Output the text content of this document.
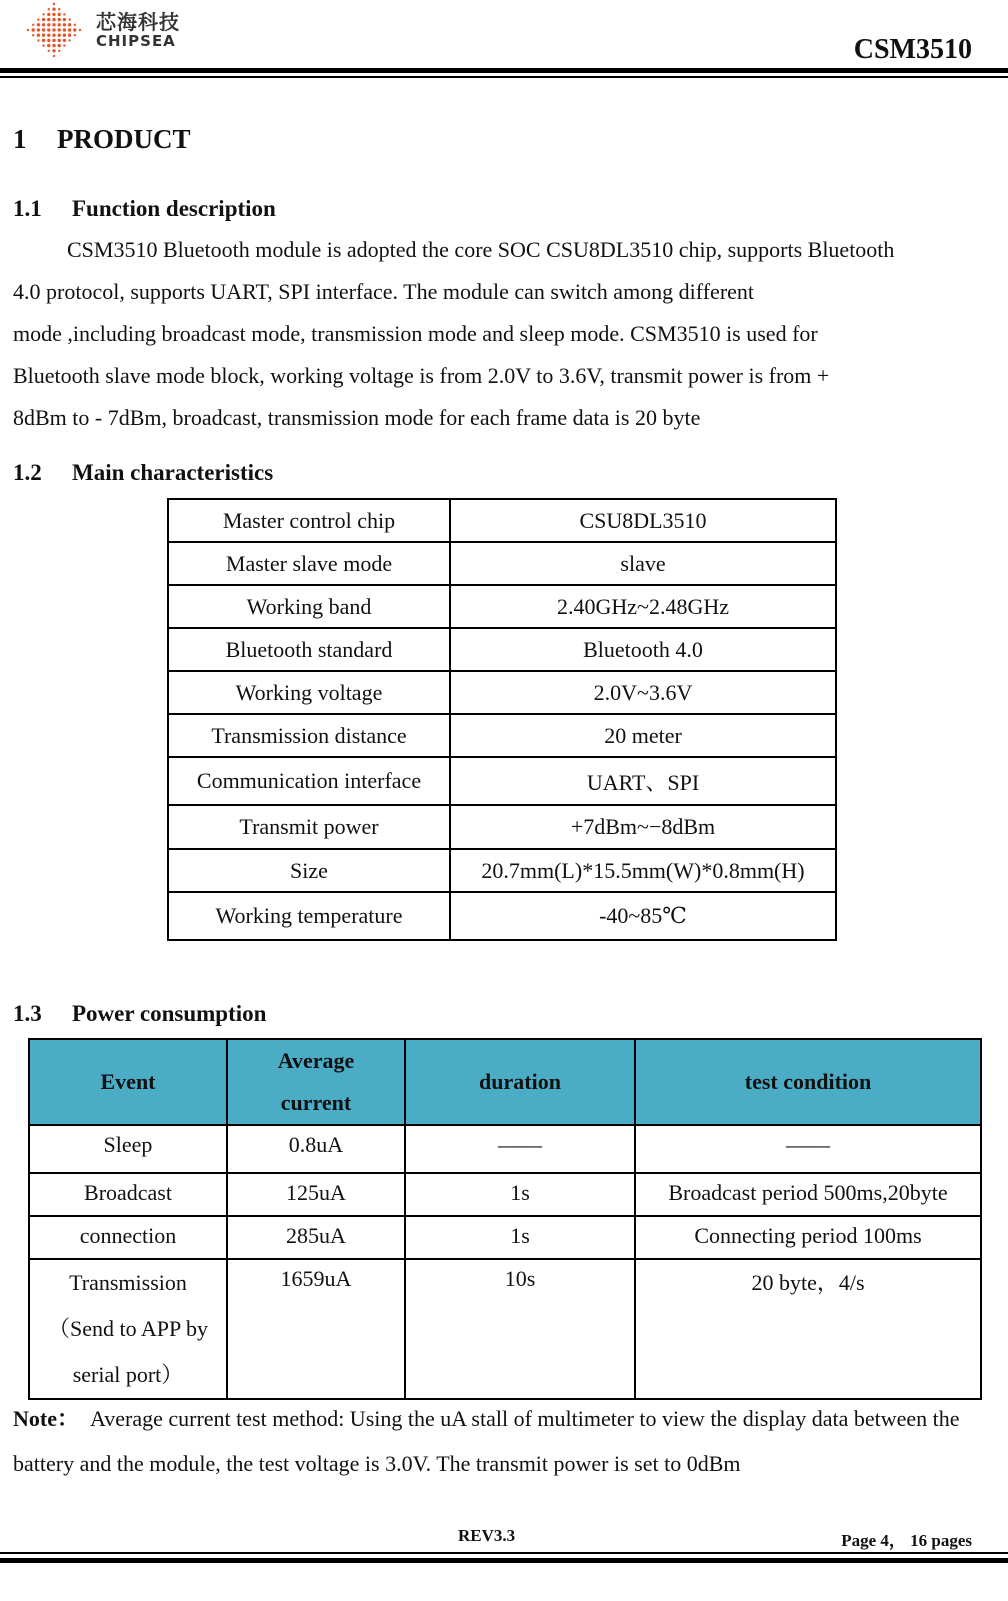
芯海科技
CHIPSEA	CSM3510
1 PRODUCT
1.1 Function description
CSM3510 Bluetooth module is adopted the core SOC CSU8DL3510 chip, supports Bluetooth
4.0 protocol, supports UART, SPI interface. The module can switch among different
mode ,including broadcast mode, transmission mode and sleep mode. CSM3510 is used for
Bluetooth slave mode block, working voltage is from 2.0V to 3.6V, transmit power is from +
8dBm to - 7dBm, broadcast, transmission mode for each frame data is 20 byte
1.2 Main characteristics
Master control chip	CSU8DL3510
Master slave mode	slave
Working band	2.40GHz~2.48GHz
Bluetooth standard	Bluetooth 4.0
Working voltage	2.0V~3.6V
Transmission distance	20 meter
Communication interface	UART、SPI
Transmit power	+7dBm~−8dBm
Size	20.7mm(L)*15.5mm(W)*0.8mm(H)
Working temperature	-40~85℃
1.3 Power consumption
Event	Average current	duration	test condition
Sleep	0.8uA	——	——
Broadcast	125uA	1s	Broadcast period 500ms,20byte
connection	285uA	1s	Connecting period 100ms
Transmission（Send to APP by serial port）	1659uA	10s	20 byte，4/s
Note： Average current test method: Using the uA stall of multimeter to view the display data between the battery and the module, the test voltage is 3.0V. The transmit power is set to 0dBm
REV3.3	Page 4， 16 pages
